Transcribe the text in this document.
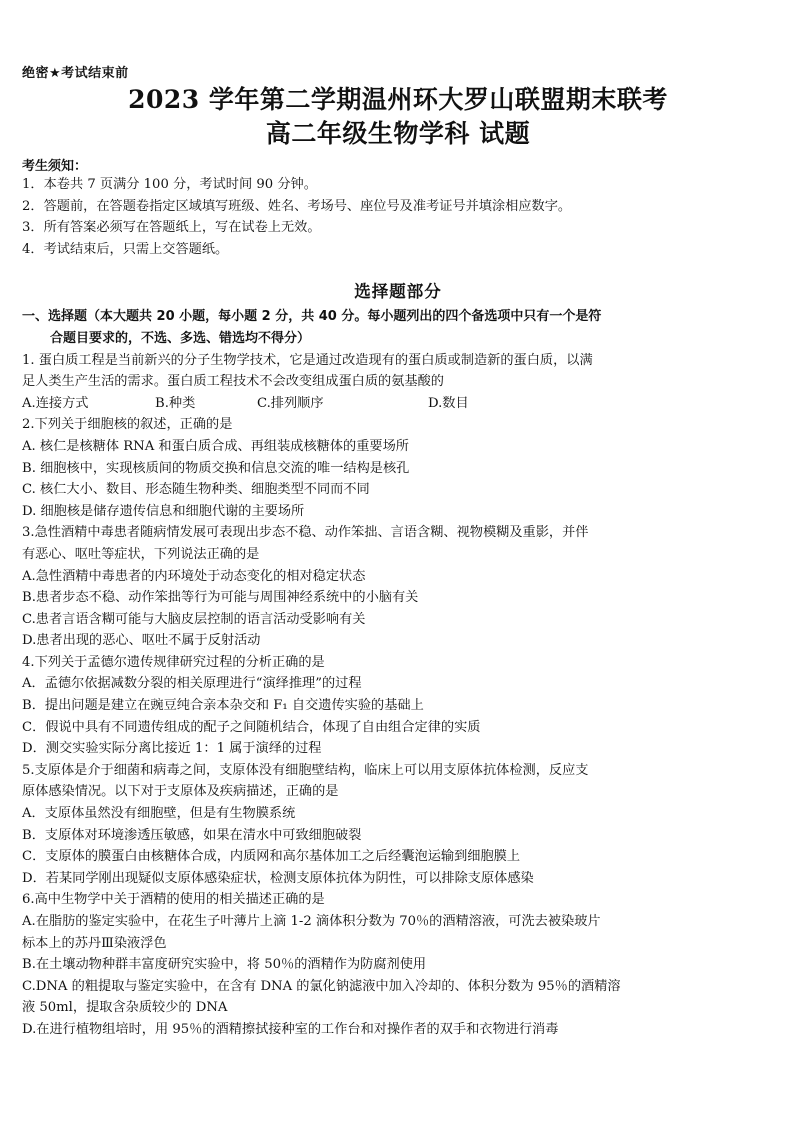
绝密★考试结束前

2023 学年第二学期温州环大罗山联盟期末联考

高二年级生物学科 试题

考生须知：

1．本卷共 7 页满分 100 分，考试时间 90 分钟。

2．答题前，在答题卷指定区域填写班级、姓名、考场号、座位号及准考证号并填涂相应数字。

3．所有答案必须写在答题纸上，写在试卷上无效。

4．考试结束后，只需上交答题纸。

选择题部分

一、选择题（本大题共 20 小题，每小题 2 分，共 40 分。每小题列出的四个备选项中只有一个是符
合题目要求的，不选、多选、错选均不得分）

1. 蛋白质工程是当前新兴的分子生物学技术，它是通过改造现有的蛋白质或制造新的蛋白质，以满

足人类生产生活的需求。蛋白质工程技术不会改变组成蛋白质的氨基酸的

A.连接方式	B.种类	C.排列顺序	D.数目

2.下列关于细胞核的叙述，正确的是

A. 核仁是核糖体 RNA 和蛋白质合成、再组装成核糖体的重要场所

B. 细胞核中，实现核质间的物质交换和信息交流的唯一结构是核孔

C. 核仁大小、数目、形态随生物种类、细胞类型不同而不同

D. 细胞核是储存遗传信息和细胞代谢的主要场所

3.急性酒精中毒患者随病情发展可表现出步态不稳、动作笨拙、言语含糊、视物模糊及重影，并伴

有恶心、呕吐等症状，下列说法正确的是

A.急性酒精中毒患者的内环境处于动态变化的相对稳定状态

B.患者步态不稳、动作笨拙等行为可能与周围神经系统中的小脑有关

C.患者言语含糊可能与大脑皮层控制的语言活动受影响有关

D.患者出现的恶心、呕吐不属于反射活动

4.下列关于孟德尔遗传规律研究过程的分析正确的是

A．孟德尔依据减数分裂的相关原理进行“演绎推理”的过程

B．提出问题是建立在豌豆纯合亲本杂交和 F₁ 自交遗传实验的基础上

C．假说中具有不同遗传组成的配子之间随机结合，体现了自由组合定律的实质

D．测交实验实际分离比接近 1：1 属于演绎的过程

5.支原体是介于细菌和病毒之间，支原体没有细胞壁结构，临床上可以用支原体抗体检测，反应支

原体感染情况。以下对于支原体及疾病描述，正确的是

A．支原体虽然没有细胞壁，但是有生物膜系统

B．支原体对环境渗透压敏感，如果在清水中可致细胞破裂

C．支原体的膜蛋白由核糖体合成，内质网和高尔基体加工之后经囊泡运输到细胞膜上

D．若某同学刚出现疑似支原体感染症状，检测支原体抗体为阴性，可以排除支原体感染

6.高中生物学中关于酒精的使用的相关描述正确的是

A.在脂肪的鉴定实验中，在花生子叶薄片上滴 1-2 滴体积分数为 70％的酒精溶液，可洗去被染玻片

标本上的苏丹Ⅲ染液浮色

B.在土壤动物种群丰富度研究实验中，将 50％的酒精作为防腐剂使用

C.DNA 的粗提取与鉴定实验中，在含有 DNA 的氯化钠滤液中加入冷却的、体积分数为 95％的酒精溶

液 50ml，提取含杂质较少的 DNA

D.在进行植物组培时，用 95％的酒精擦拭接种室的工作台和对操作者的双手和衣物进行消毒
